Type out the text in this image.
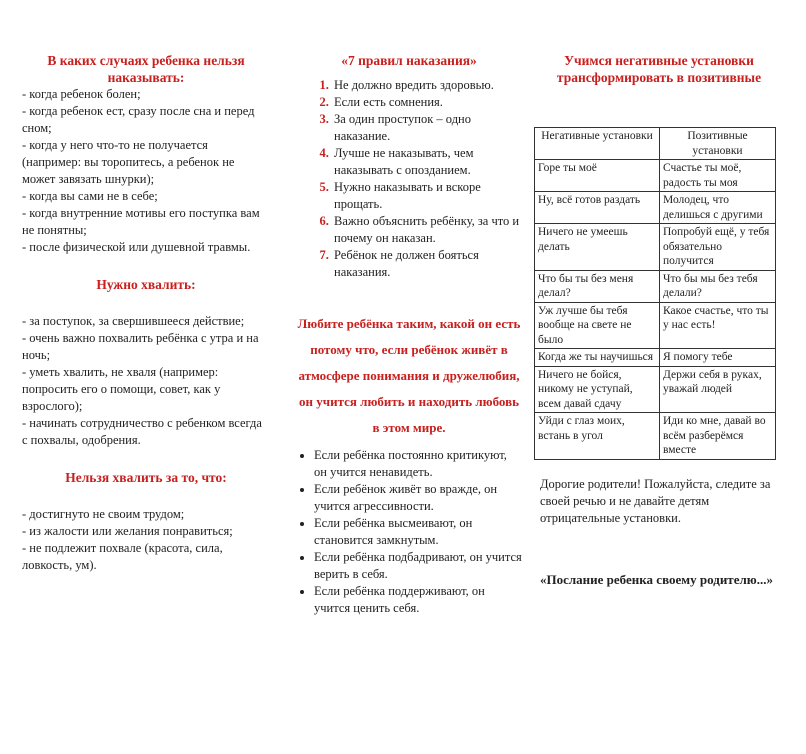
В каких случаях ребенка нельзя наказывать:
- когда ребенок болен;
- когда ребенок ест, сразу после сна и перед сном;
- когда у него что-то не получается (например: вы торопитесь, а ребенок не может завязать шнурки);
- когда вы сами не в себе;
- когда внутренние мотивы его поступка вам не понятны;
- после физической или душевной травмы.
Нужно хвалить:
- за поступок, за свершившееся действие;
- очень важно похвалить ребёнка с утра и на ночь;
- уметь хвалить, не хваля (например: попросить его о помощи, совет, как у взрослого);
- начинать сотрудничество с ребенком всегда с похвалы, одобрения.
Нельзя хвалить за то, что:
- достигнуто не своим трудом;
- из жалости или желания понравиться;
- не подлежит похвале (красота, сила, ловкость, ум).
«7 правил наказания»
1. Не должно вредить здоровью.
2. Если есть сомнения.
3. За один проступок – одно наказание.
4. Лучше не наказывать, чем наказывать с опозданием.
5. Нужно наказывать и вскоре прощать.
6. Важно объяснить ребёнку, за что и почему он наказан.
7. Ребёнок не должен бояться наказания.
Любите ребёнка таким, какой он есть потому что, если ребёнок живёт в атмосфере понимания и дружелюбия, он учится любить и находить любовь в этом мире.
• Если ребёнка постоянно критикуют, он учится ненавидеть.
• Если ребёнок живёт во вражде, он учится агрессивности.
• Если ребёнка высмеивают, он становится замкнутым.
• Если ребёнка подбадривают, он учится верить в себя.
• Если ребёнка поддерживают, он учится ценить себя.
Учимся негативные установки трансформировать в позитивные
Негативные установки	Позитивные установки
Горе ты моё	Счастье ты моё, радость ты моя
Ну, всё готов раздать	Молодец, что делишься с другими
Ничего не умеешь делать	Попробуй ещё, у тебя обязательно получится
Что бы ты без меня делал?	Что бы мы без тебя делали?
Уж лучше бы тебя вообще на свете не было	Какое счастье, что ты у нас есть!
Когда же ты научишься	Я помогу тебе
Ничего не бойся, никому не уступай, всем давай сдачу	Держи себя в руках, уважай людей
Уйди с глаз моих, встань в угол	Иди ко мне, давай во всём разберёмся вместе
Дорогие родители! Пожалуйста, следите за своей речью и не давайте детям отрицательные установки.
«Послание ребенка своему родителю...»
